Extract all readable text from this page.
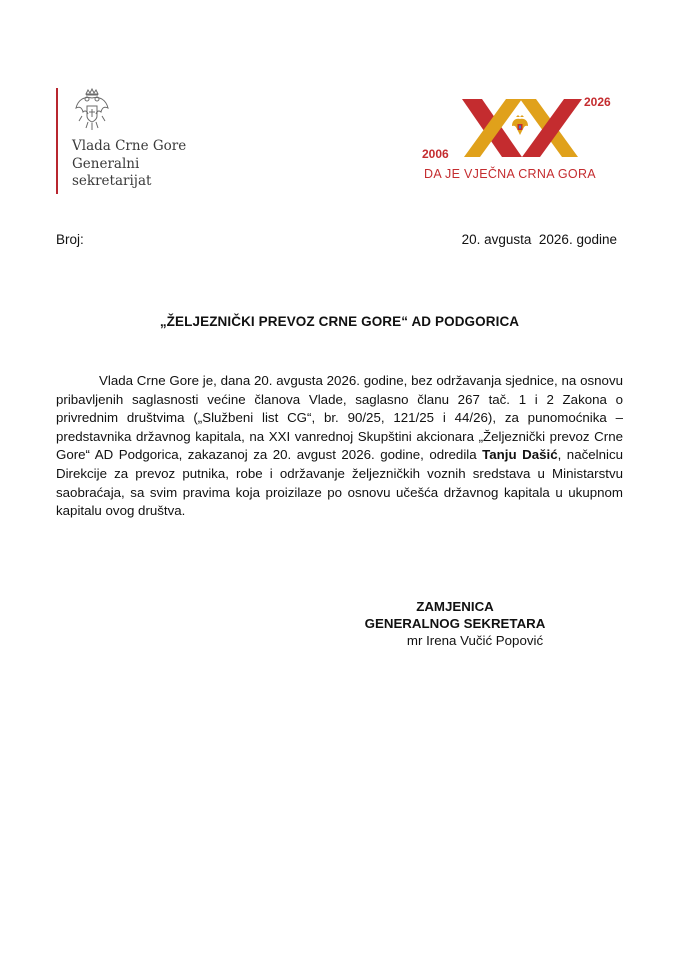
Vlada Crne Gore
Generalni
sekretarijat
2006
2026
DA JE VJEČNA CRNA GORA
Broj:	20. avgusta  2026. godine
„ŽELJEZNIČKI PREVOZ CRNE GORE“ AD PODGORICA
Vlada Crne Gore je, dana 20. avgusta 2026. godine, bez održavanja sjednice, na osnovu pribavljenih saglasnosti većine članova Vlade, saglasno članu 267 tač. 1 i 2 Zakona o privrednim društvima („Službeni list CG“, br. 90/25, 121/25 i 44/26), za punomoćnika – predstavnika državnog kapitala, na XXI vanrednoj Skupštini akcionara „Željeznički prevoz Crne Gore“ AD Podgorica, zakazanoj za 20. avgust 2026. godine, odredila Tanju Dašić, načelnicu Direkcije za prevoz putnika, robe i održavanje željezničkih voznih sredstava u Ministarstvu saobraćaja, sa svim pravima koja proizilaze po osnovu učešća državnog kapitala u ukupnom kapitalu ovog društva.
ZAMJENICA
GENERALNOG SEKRETARA
mr Irena Vučić Popović
